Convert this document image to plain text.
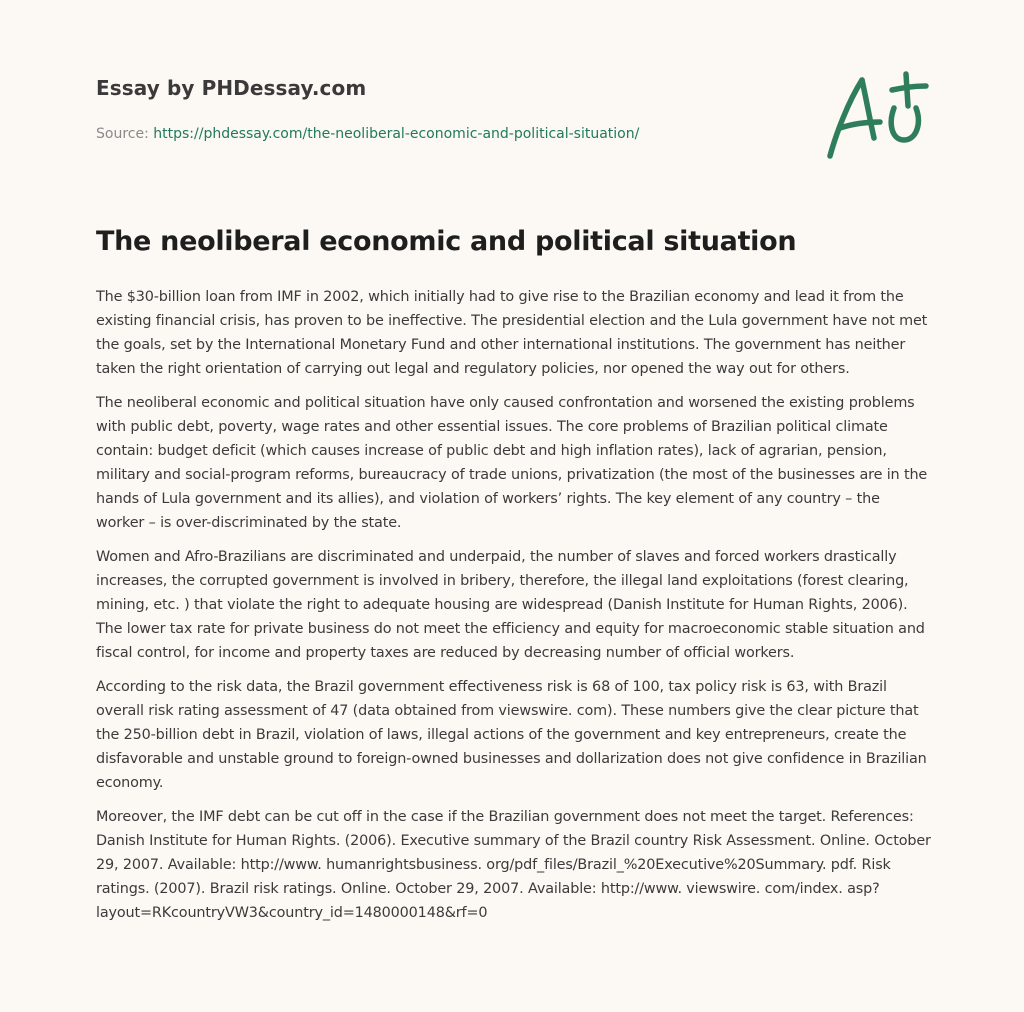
Essay by PHDessay.com
Source: https://phdessay.com/the-neoliberal-economic-and-political-situation/
The neoliberal economic and political situation

The $30-billion loan from IMF in 2002, which initially had to give rise to the Brazilian economy and lead it from the existing financial crisis, has proven to be ineffective. The presidential election and the Lula government have not met the goals, set by the International Monetary Fund and other international institutions. The government has neither taken the right orientation of carrying out legal and regulatory policies, nor opened the way out for others.

The neoliberal economic and political situation have only caused confrontation and worsened the existing problems with public debt, poverty, wage rates and other essential issues. The core problems of Brazilian political climate contain: budget deficit (which causes increase of public debt and high inflation rates), lack of agrarian, pension, military and social-program reforms, bureaucracy of trade unions, privatization (the most of the businesses are in the hands of Lula government and its allies), and violation of workers’ rights. The key element of any country – the worker – is over-discriminated by the state.

Women and Afro-Brazilians are discriminated and underpaid, the number of slaves and forced workers drastically increases, the corrupted government is involved in bribery, therefore, the illegal land exploitations (forest clearing, mining, etc. ) that violate the right to adequate housing are widespread (Danish Institute for Human Rights, 2006). The lower tax rate for private business do not meet the efficiency and equity for macroeconomic stable situation and fiscal control, for income and property taxes are reduced by decreasing number of official workers.

According to the risk data, the Brazil government effectiveness risk is 68 of 100, tax policy risk is 63, with Brazil overall risk rating assessment of 47 (data obtained from viewswire. com). These numbers give the clear picture that the 250-billion debt in Brazil, violation of laws, illegal actions of the government and key entrepreneurs, create the disfavorable and unstable ground to foreign-owned businesses and dollarization does not give confidence in Brazilian economy.

Moreover, the IMF debt can be cut off in the case if the Brazilian government does not meet the target. References: Danish Institute for Human Rights. (2006). Executive summary of the Brazil country Risk Assessment. Online. October 29, 2007. Available: http://www. humanrightsbusiness. org/pdf_files/Brazil_%20Executive%20Summary. pdf. Risk ratings. (2007). Brazil risk ratings. Online. October 29, 2007. Available: http://www. viewswire. com/index. asp? layout=RKcountryVW3&country_id=1480000148&rf=0
